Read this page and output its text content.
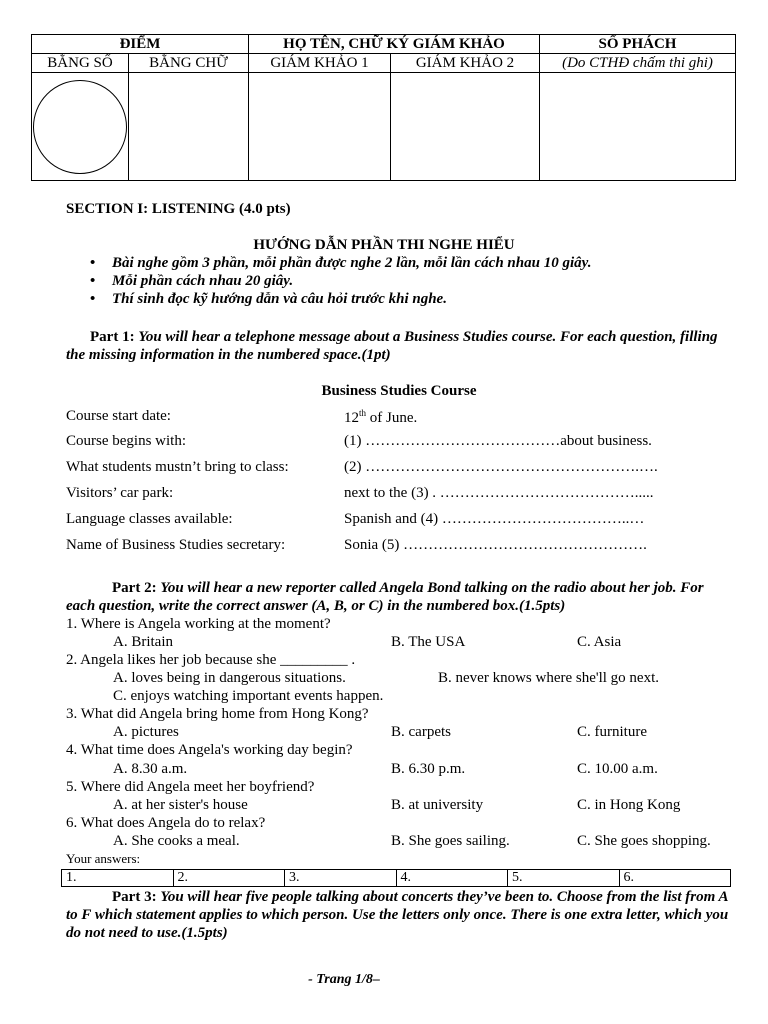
ĐIỂM		HỌ TÊN, CHỮ KÝ GIÁM KHẢO		SỐ PHÁCH
BẰNG SỐ	BẰNG CHỮ	GIÁM KHẢO 1	GIÁM KHẢO 2	(Do CTHĐ chấm thi ghi)

SECTION I: LISTENING (4.0 pts)
HƯỚNG DẪN PHẦN THI NGHE HIỂU
• Bài nghe gồm 3 phần, mỗi phần được nghe 2 lần, mỗi lần cách nhau 10 giây.
• Mỗi phần cách nhau 20 giây.
• Thí sinh đọc kỹ hướng dẫn và câu hỏi trước khi nghe.
Part 1: You will hear a telephone message about a Business Studies course. For each question, filling the missing information in the numbered space.(1pt)
Business Studies Course
Course start date:	12th of June.
Course begins with:	(1) …………………………………about business.
What students mustn’t bring to class:	(2) ……………………………………………….….
Visitors’ car park:	next to the (3) . ………………………………….....
Language classes available:	Spanish and (4) ………………………………..…
Name of Business Studies secretary:	Sonia (5) ………………………………………….
Part 2: You will hear a new reporter called Angela Bond talking on the radio about her job. For each question, write the correct answer (A, B, or C) in the numbered box.(1.5pts)
1. Where is Angela working at the moment?
A. Britain	B. The USA	C. Asia
2. Angela likes her job because she _________ .
A. loves being in dangerous situations.	B. never knows where she'll go next.
C. enjoys watching important events happen.
3. What did Angela bring home from Hong Kong?
A. pictures	B. carpets	C. furniture
4. What time does Angela's working day begin?
A. 8.30 a.m.	B. 6.30 p.m.	C. 10.00 a.m.
5. Where did Angela meet her boyfriend?
A. at her sister's house	B. at university	C. in Hong Kong
6. What does Angela do to relax?
A. She cooks a meal.	B. She goes sailing.	C. She goes shopping.
Your answers:
1.	2.	3.	4.	5.	6.
Part 3: You will hear five people talking about concerts they’ve been to. Choose from the list from A to F which statement applies to which person. Use the letters only once. There is one extra letter, which you do not need to use.(1.5pts)
- Trang 1/8–
